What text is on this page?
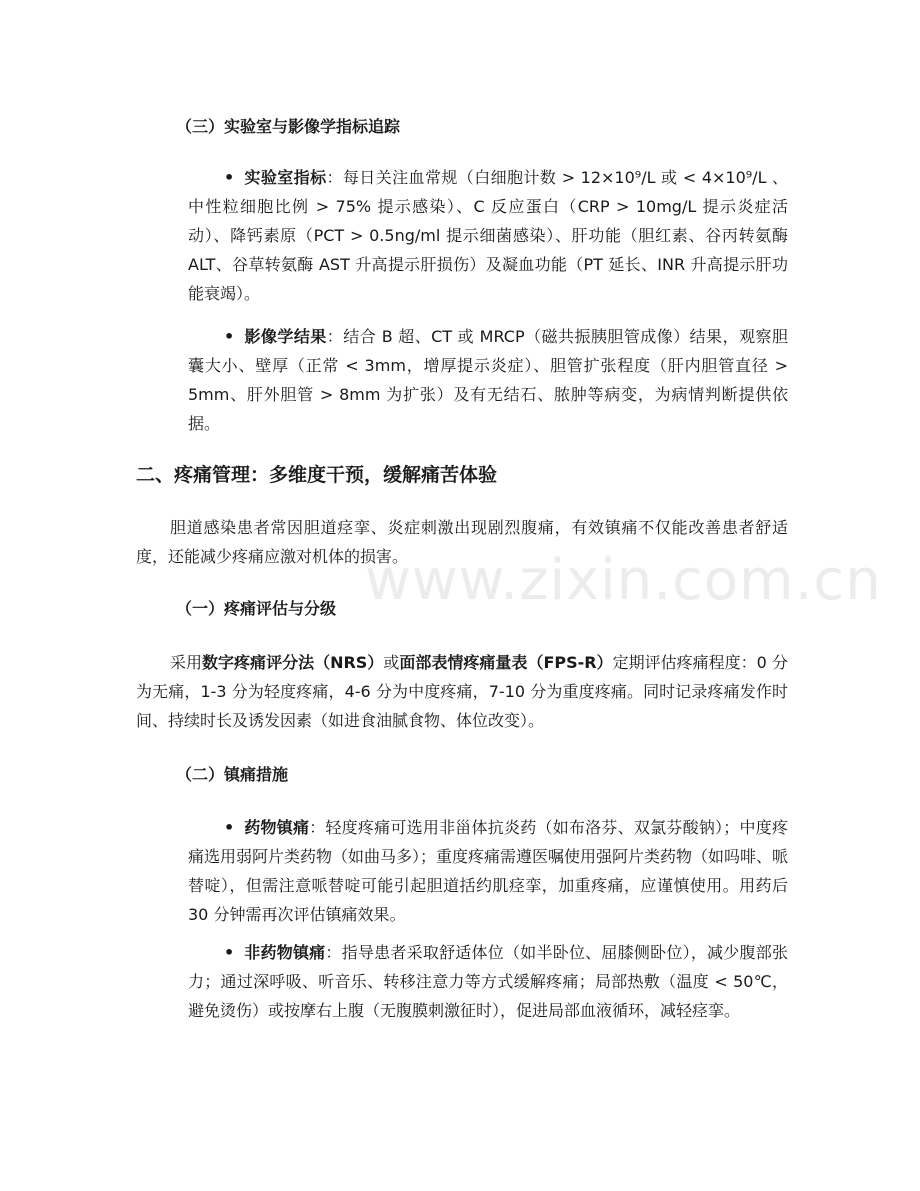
（三）实验室与影像学指标追踪
• 实验室指标：每日关注血常规（白细胞计数 > 12×10⁹/L 或 < 4×10⁹/L 、中性粒细胞比例 > 75% 提示感染）、C 反应蛋白（CRP > 10mg/L 提示炎症活动）、降钙素原（PCT > 0.5ng/ml 提示细菌感染）、肝功能（胆红素、谷丙转氨酶 ALT、谷草转氨酶 AST 升高提示肝损伤）及凝血功能（PT 延长、INR 升高提示肝功能衰竭）。
• 影像学结果：结合 B 超、CT 或 MRCP（磁共振胰胆管成像）结果，观察胆囊大小、壁厚（正常 < 3mm，增厚提示炎症）、胆管扩张程度（肝内胆管直径 > 5mm、肝外胆管 > 8mm 为扩张）及有无结石、脓肿等病变，为病情判断提供依据。
二、疼痛管理：多维度干预，缓解痛苦体验
胆道感染患者常因胆道痉挛、炎症刺激出现剧烈腹痛，有效镇痛不仅能改善患者舒适度，还能减少疼痛应激对机体的损害。
（一）疼痛评估与分级
采用数字疼痛评分法（NRS）或面部表情疼痛量表（FPS-R）定期评估疼痛程度：0 分为无痛，1-3 分为轻度疼痛，4-6 分为中度疼痛，7-10 分为重度疼痛。同时记录疼痛发作时间、持续时长及诱发因素（如进食油腻食物、体位改变）。
（二）镇痛措施
• 药物镇痛：轻度疼痛可选用非甾体抗炎药（如布洛芬、双氯芬酸钠）；中度疼痛选用弱阿片类药物（如曲马多）；重度疼痛需遵医嘱使用强阿片类药物（如吗啡、哌替啶），但需注意哌替啶可能引起胆道括约肌痉挛，加重疼痛，应谨慎使用。用药后 30 分钟需再次评估镇痛效果。
• 非药物镇痛：指导患者采取舒适体位（如半卧位、屈膝侧卧位），减少腹部张力；通过深呼吸、听音乐、转移注意力等方式缓解疼痛；局部热敷（温度 < 50℃，避免烫伤）或按摩右上腹（无腹膜刺激征时），促进局部血液循环，减轻痉挛。
www.zixin.com.cn
